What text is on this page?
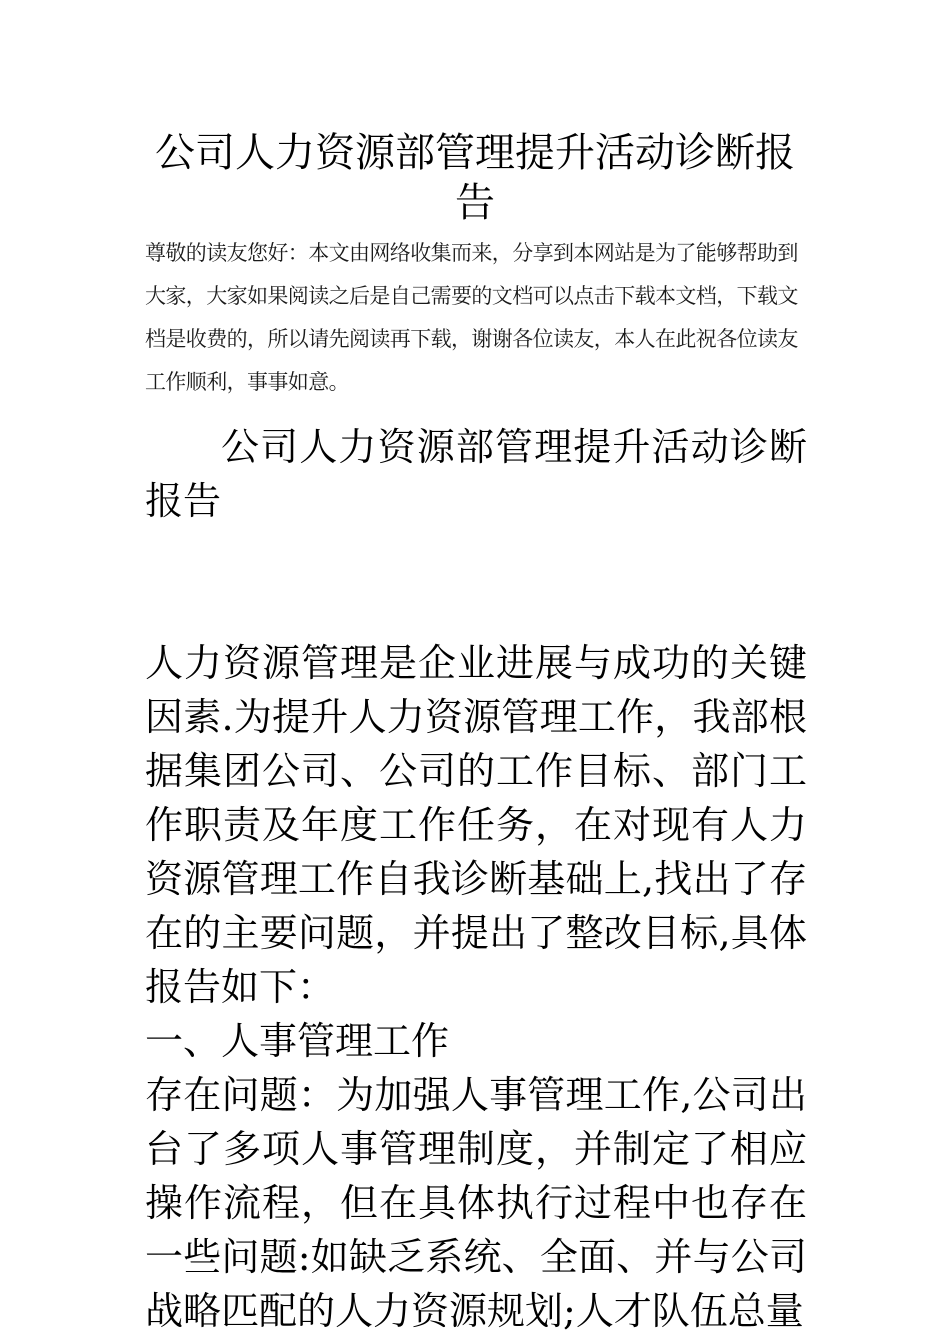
公司人力资源部管理提升活动诊断报告

尊敬的读友您好：本文由网络收集而来，分享到本网站是为了能够帮助到大家，大家如果阅读之后是自己需要的文档可以点击下载本文档，下载文档是收费的，所以请先阅读再下载，谢谢各位读友，本人在此祝各位读友工作顺利，事事如意。

公司人力资源部管理提升活动诊断报告

人力资源管理是企业进展与成功的关键因素.为提升人力资源管理工作，我部根据集团公司、公司的工作目标、部门工作职责及年度工作任务，在对现有人力资源管理工作自我诊断基础上,找出了存在的主要问题，并提出了整改目标,具体报告如下：

一、人事管理工作

存在问题：为加强人事管理工作,公司出台了多项人事管理制度，并制定了相应操作流程，但在具体执行过程中也存在一些问题:如缺乏系统、全面、并与公司战略匹配的人力资源规划;人才队伍总量
